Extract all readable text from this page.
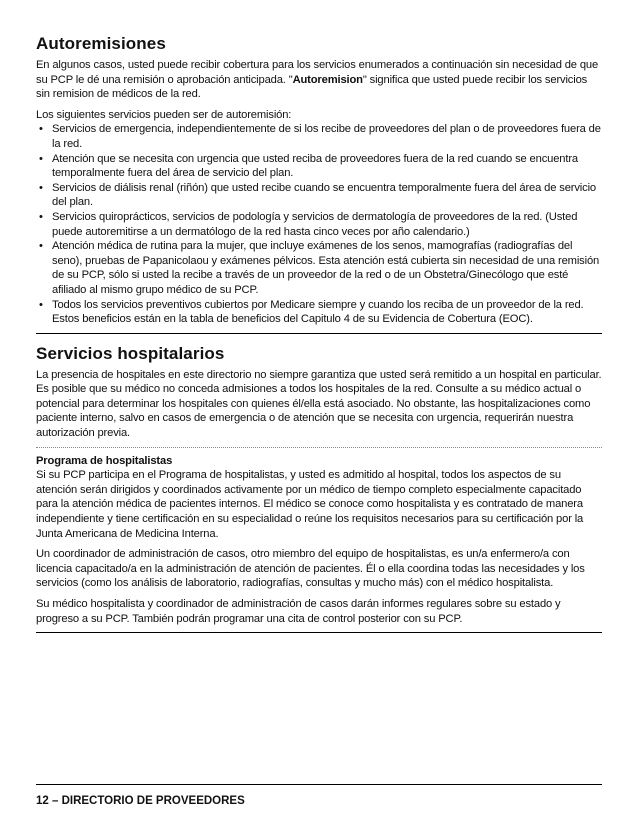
Autoremisiones

En algunos casos, usted puede recibir cobertura para los servicios enumerados a continuación sin necesidad de que su PCP le dé una remisión o aprobación anticipada. "Autoremision" significa que usted puede recibir los servicios sin remision de médicos de la red.

Los siguientes servicios pueden ser de autoremisión:

• Servicios de emergencia, independientemente de si los recibe de proveedores del plan o de proveedores fuera de la red.
• Atención que se necesita con urgencia que usted reciba de proveedores fuera de la red cuando se encuentra temporalmente fuera del área de servicio del plan.
• Servicios de diálisis renal (riñón) que usted recibe cuando se encuentra temporalmente fuera del área de servicio del plan.
• Servicios quiroprácticos, servicios de podología y servicios de dermatología de proveedores de la red. (Usted puede autoremitirse a un dermatólogo de la red hasta cinco veces por año calendario.)
• Atención médica de rutina para la mujer, que incluye exámenes de los senos, mamografías (radiografías del seno), pruebas de Papanicolaou y exámenes pélvicos. Esta atención está cubierta sin necesidad de una remisión de su PCP, sólo si usted la recibe a través de un proveedor de la red o de un Obstetra/Ginecólogo que esté afiliado al mismo grupo médico de su PCP.
• Todos los servicios preventivos cubiertos por Medicare siempre y cuando los reciba de un proveedor de la red. Estos beneficios están en la tabla de beneficios del Capitulo 4 de su Evidencia de Cobertura (EOC).
Servicios hospitalarios

La presencia de hospitales en este directorio no siempre garantiza que usted será remitido a un hospital en particular. Es posible que su médico no conceda admisiones a todos los hospitales de la red. Consulte a su médico actual o potencial para determinar los hospitales con quienes él/ella está asociado. No obstante, las hospitalizaciones como paciente interno, salvo en casos de emergencia o de atención que se necesita con urgencia, requerirán nuestra autorización previa.

Programa de hospitalistas
Si su PCP participa en el Programa de hospitalistas, y usted es admitido al hospital, todos los aspectos de su atención serán dirigidos y coordinados activamente por un médico de tiempo completo especialmente capacitado para la atención médica de pacientes internos. El médico se conoce como hospitalista y es contratado de manera independiente y tiene certificación en su especialidad o reúne los requisitos necesarios para su certificación por la Junta Americana de Medicina Interna.

Un coordinador de administración de casos, otro miembro del equipo de hospitalistas, es un/a enfermero/a con licencia capacitado/a en la administración de atención de pacientes. Él o ella coordina todas las necesidades y los servicios (como los análisis de laboratorio, radiografías, consultas y mucho más) con el médico hospitalista.

Su médico hospitalista y coordinador de administración de casos darán informes regulares sobre su estado y progreso a su PCP. También podrán programar una cita de control posterior con su PCP.

12 – DIRECTORIO DE PROVEEDORES
